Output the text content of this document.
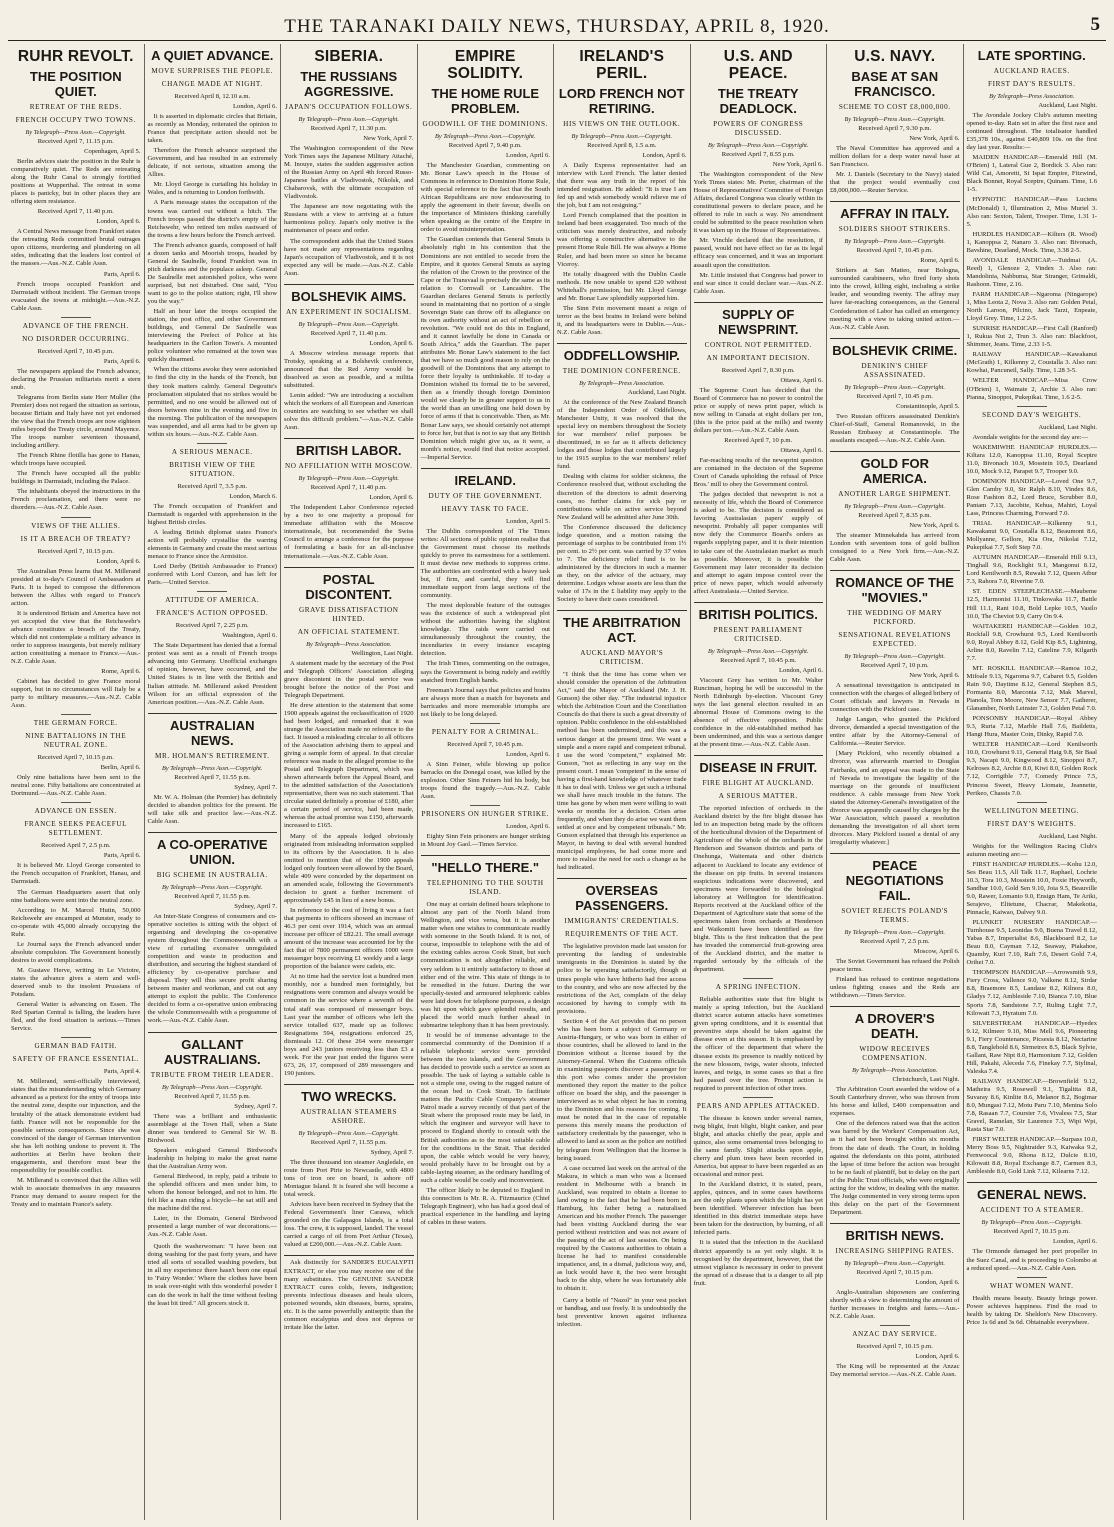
THE TARANAKI DAILY NEWS, THURSDAY, APRIL 8, 1920.	5
RUHR REVOLT.
THE POSITION QUIET.
RETREAT OF THE REDS.
FRENCH OCCUPY TWO TOWNS.
By Telegraph—Press Assn.—Copyright.
Received April 7, 11.15 p.m.
Copenhagen, April 5.
Berlin advices state the position in the Ruhr is comparatively quiet. The Reds are retreating along the Ruhr Canal to strongly fortified positions at Wupperthal. The retreat in some places is panicky, but in other places they are offering stern resistance.
Received April 7, 11.40 p.m.
London, April 6.
A Central News message from Frankfort states the retreating Reds committed brutal outrages upon citizens, murdering and plundering on all sides, indicating that the leaders lost control of the masses.—Aus.-N.Z. Cable Assn.
Paris, April 6.
French troops occupied Frankfort and Darmstadt without incident. The German troops evacuated the towns at midnight.—Aus.-N.Z. Cable Assn.
ADVANCE OF THE FRENCH.
NO DISORDER OCCURRING.
Received April 7, 10.45 p.m.
Paris, April 6.
The newspapers applaud the French advance, declaring the Prussian militarists merit a stern snub.
Telegrams from Berlin state Herr Muller (the Premier) does not regard the situation as serious, because Britain and Italy have not yet endorsed the view that the French troops are now eighteen miles beyond the Treaty circle, around Mayence. The troops number seventeen thousand, including artillery.
The French Rhine flotilla has gone to Hanau, which troops have occupied.
The French have occupied all the public buildings in Darmstadt, including the Palace.
The inhabitants obeyed the instructions in the French proclamation, and there were no disorders.—Aus.-N.Z. Cable Assn.
VIEWS OF THE ALLIES.
IS IT A BREACH OF TREATY?
Received April 7, 10.15 p.m.
London, April 6.
The Australian Press learns that M. Millerand presided at to-day's Council of Ambassadors at Paris. It is hoped to compose the differences between the Allies with regard to France's action.
It is understood Britain and America have not yet accepted the view that the Reichswehr's advance constitutes a breach of the Treaty, which did not contemplate a military advance in order to suppress insurgents, but merely military action constituting a menace to France.—Aus.-N.Z. Cable Assn.
Rome, April 6.
Cabinet has decided to give France moral support, but in no circumstances will Italy be a party to military measures.—Aus.-N.Z. Cable Assn.
THE GERMAN FORCE.
NINE BATTALIONS IN THE NEUTRAL ZONE.
Received April 7, 10.15 p.m.
Berlin, April 6.
Only nine battalions have been sent to the neutral zone. Fifty battalions are concentrated at Dortmund.—Aus.-N.Z. Cable Assn.
ADVANCE ON ESSEN.
FRANCE SEEKS PEACEFUL SETTLEMENT.
Received April 7, 2.5 p.m.
Paris, April 6.
It is believed Mr. Lloyd George consented to the French occupation of Frankfort, Hanau, and Darmstadt.
The German Headquarters assert that only nine battalions were sent into the neutral zone.
According to M. Marcel Hutin, 50,000 Reichswehr are encamped at Munster, ready to co-operate with 45,000 already occupying the Ruhr.
Le Journal says the French advanced under absolute compulsion. The Government honestly desires to avoid complications.
M. Gustave Herve, writing in Le Victoire, states the advance gives a stern and well-deserved snub to the insolent Prussians of Potsdam.
General Watter is advancing on Essen. The Red Spartan Central is falling, the leaders have fled, and the food situation is serious.—Times Service.
GERMAN BAD FAITH.
SAFETY OF FRANCE ESSENTIAL.
Paris, April 4.
M. Millerand, semi-officially interviewed, states that the misunderstanding which Germany advanced as a pretext for the entry of troops into the neutral zone, despite our injunction, and the brutality of the attack demonstrate evident bad faith. France will not be responsible for the possible serious consequences. Since she was convinced of the danger of German intervention she has left nothing undone to prevent it. The authorities at Berlin have broken their engagements, and therefore must bear the responsibility for possible conflict.
M. Millerand is convinced that the Allies will wish to associate themselves in any measures France may demand to assure respect for the Treaty and to maintain France's safety.
A QUIET ADVANCE.
MOVE SURPRISES THE PEOPLE.
CHANGE MADE AT NIGHT.
Received April 8, 12.10 a.m.
London, April 6.
It is asserted in diplomatic circles that Britain, as recently as Monday, reiterated the opinion to France that precipitate action should not be taken.
Therefore the French advance surprised the Government, and has resulted in an extremely delicate, if not serious, situation among the Allies.
Mr. Lloyd George is curtailing his holiday in Wales, and is returning to London forthwith.
A Paris message states the occupation of the towns was carried out without a hitch. The French troops passed the district's empty of the Reichswehr, who retired ten miles eastward of the towns a few hours before the French arrived.
The French advance guards, composed of half a dozen tanks and Moorish troops, headed by General de Saulnelle, found Frankfort was in pitch darkness and the populace asleep. General De Saulnelle met astonished police, who were surprised, but not disturbed. One said, "You want to go to the police station; right, I'll show you the way."
Half an hour later the troops occupied the station, the post office, and other Government buildings, and General De Saulnelle was interviewing the Prefect of Police at his headquarters in the Carlton Town's. A mounted police volunteer who remained at the town was quickly disarmed.
When the citizens awoke they were astonished to find the city in the hands of the French, but they took matters calmly. General Degoutte's proclamation stipulated that no strikes would be permitted, and no one would be allowed out of doors between nine in the evening and five in the morning. The publication of the newspapers was suspended, and all arms had to be given up within six hours.—Aus.-N.Z. Cable Assn.
A SERIOUS MENACE.
BRITISH VIEW OF THE SITUATION.
Received April 7, 3.5 p.m.
London, March 6.
The French occupation of Frankfort and Darmstadt is regarded with apprehension in the highest British circles.
A leading British diplomat states France's action will probably crystallise the warring elements in Germany and create the most serious menace to France since the Armistice.
Lord Derby (British Ambassador to France) conferred with Lord Curzon, and has left for Paris.—United Service.
ATTITUDE OF AMERICA.
FRANCE'S ACTION OPPOSED.
Received April 7, 2.25 p.m.
Washington, April 6.
The State Department has denied that a formal protest was sent as a result of French troops advancing into Germany. Unofficial exchanges of opinion, however, have occurred, and the United States is in line with the British and Italian attitude. M. Millerand asked President Wilson for an official expression of the American position.—Aus.-N.Z. Cable Assn.
AUSTRALIAN NEWS.
MR. HOLMAN'S RETIREMENT.
By Telegraph—Press Assn.—Copyright.
Received April 7, 11.55 p.m.
Sydney, April 7.
Mr. W. A. Holman (the Premier) has definitely decided to abandon politics for the present. He will take silk and practice law.—Aus.-N.Z. Cable Assn.
A CO-OPERATIVE UNION.
BIG SCHEME IN AUSTRALIA.
By Telegraph—Press Assn.—Copyright.
Received April 7, 11.55 p.m.
Sydney, April 7.
An Inter-State Congress of consumers and co-operative societies is sitting with the object of organising and developing the co-operative system throughout the Commonwealth with a view of curtailing excessive unregulated competition and waste in production and distribution, and securing the highest standard of efficiency by co-operative purchase and disposal. They will thus secure profit sharing between master and workman, and cut out any attempt to exploit the public. The Conference decided to form a co-operative union embracing the whole Commonwealth with a programme of work.—Aus.-N.Z. Cable Assn.
GALLANT AUSTRALIANS.
TRIBUTE FROM THEIR LEADER.
By Telegraph—Press Assn.—Copyright.
Received April 7, 11.55 p.m.
Sydney, April 7.
There was a brilliant and enthusiastic assemblage at the Town Hall, when a State dinner was tendered to General Sir W. B. Birdwood.
Speakers eulogised General Birdwood's leadership in helping to make the great name that the Australian Army won.
General Birdwood, in reply, paid a tribute to the splendid officers and men under him, to whom the honour belonged, and not to him. He felt like a man riding a bicycle—he sat still and the machine did the rest.
Later, in the Domain, General Birdwood presented a large number of war decorations.—Aus.-N.Z. Cable Assn.
Quoth the washerwoman: "I have been out doing washing for the past forty years, and have tried all sorts of socalled washing powders, but in all my experience there hasn't been one equal to 'Fairy Wonder.' Where the clothes have been in soak over-night with this wonderful powder I can do the work in half the time without feeling the least bit tired." All grocers stock it.
SIBERIA.
THE RUSSIANS AGGRESSIVE.
JAPAN'S OCCUPATION FOLLOWS.
By Telegraph—Press Assn.—Copyright.
Received April 7, 11.30 p.m.
New York, April 7.
The Washington correspondent of the New York Times says the Japanese Military Attaché, M. Inouye, states the sudden aggressive action of the Russian Army on April 4th forced Russo-Japanese battles at Vladivostok, Nikolsk, and Chabarovsk, with the ultimate occupation of Vladivostok.
The Japanese are now negotiating with the Russians with a view to arriving at a future harmonious policy. Japan's only motive is the maintenance of peace and order.
The correspondent adds that the United States have not made any representations regarding Japan's occupation of Vladivostok, and it is not expected any will be made.—Aus.-N.Z. Cable Assn.
BOLSHEVIK AIMS.
AN EXPERIMENT IN SOCIALISM.
By Telegraph—Press Assn.—Copyright.
Received April 7, 11.40 p.m.
London, April 6.
A Moscow wireless message reports that Trotsky, speaking at a Bolshevik conference, announced that the Red Army would be dissolved as soon as possible, and a militia substituted.
Lenin added: "We are introducing a socialism which the workers of all European and American countries are watching to see whether we shall solve this difficult problem."—Aus.-N.Z. Cable Assn.
BRITISH LABOR.
NO AFFILIATION WITH MOSCOW.
By Telegraph—Press Assn.—Copyright.
Received April 7, 11.40 p.m.
London, April 6.
The Independent Labor Conference rejected by a two to one majority a proposal for immediate affiliation with the Moscow internationale, but recommended the Swiss Council to arrange a conference for the purpose of formulating a basis for an all-inclusive internationale.—Aus.-N.Z. Cable Assn.
POSTAL DISCONTENT.
GRAVE DISSATISFACTION HINTED.
AN OFFICIAL STATEMENT.
By Telegraph—Press Association.
Wellington, Last Night.
A statement made by the secretary of the Post and Telegraph Officers' Association alleging grave discontent in the postal service was brought before the notice of the Post and Telegraph Department.
He drew attention to the statement that some 1900 appeals against the reclassification of 1920 had been lodged, and remarked that it was strange the Association made no reference to the fact. It issued a misleading circular to all officers of the Association advising them to appeal and giving a sample form of appeal. In that circular reference was made to the alleged promise to the Postal and Telegraph Department, which was shown afterwards before the Appeal Board, and to the admitted satisfaction of the Association's representative, there was no such statement. That circular stated definitely a promise of £180, after a certain period of service, had been made, whereas the actual promise was £150, afterwards increased to £165.
Many of the appeals lodged obviously originated from misleading information supplied to its officers by the Association. It is also omitted to mention that of the 1900 appeals lodged only fourteen were allowed by the Board, while 409 were conceded by the department on an amended scale, following the Government's decision to grant a further increment of approximately £45 in lieu of a new bonus.
In reference to the cost of living it was a fact that payments to officers showed an increase of 46.3 per cent over 1914, which was an annual increase per officer of £82.21. The small average amount of the increase was accounted for by the fact that of 7800 permanent officers 1000 were messenger boys receiving £1 weekly and a large proportion of the balance were cadets, etc.
At no time had the service lost a hundred men monthly, nor a hundred men fortnightly, but resignations were common and always would be common in the service where a seventh of the total staff was composed of messenger boys. Last year the number of officers who left the service totalled 637, made up as follows: Resignations 594, resignations enforced 25, dismissals 12. Of these 264 were messenger boys and 243 juniors receiving less than £3 a week. For the year just ended the figures were 673, 26, 17, composed of 289 messengers and 190 juniors.
TWO WRECKS.
AUSTRALIAN STEAMERS ASHORE.
By Telegraph—Press Assn.—Copyright.
Received April 7, 11.55 p.m.
Sydney, April 7.
The three thousand ton steamer Angledale, en route from Port Pirie to Newcastle, with 4800 tons of iron ore on board, is ashore off Montague Island. It is feared she will become a total wreck.
Advices have been received in Sydney that the Federal Government's liner Carawa, which grounded on the Galapagos Islands, is a total loss. The crew, it is supposed, landed. The vessel carried a cargo of oil from Port Arthur (Texas), valued at £200,000.—Aus.-N.Z. Cable Assn.
Ask distinctly for SANDER'S EUCALYPTI EXTRACT, or else you may receive one of the many substitutes. The GENUINE SANDER EXTRACT cures colds, fevers, indigestion; prevents infectious diseases and heals ulcers, poisoned wounds, skin diseases, burns, sprains, etc. It is the same powerfully antiseptic than the common eucalyptus and does not depress or irritate like the latter.
EMPIRE SOLIDITY.
THE HOME RULE PROBLEM.
GOODWILL OF THE DOMINIONS.
By Telegraph—Press Assn.—Copyright.
Received April 7, 9.40 p.m.
London, April 6.
The Manchester Guardian, commenting on Mr. Bonar Law's speech in the House of Commons in reference to Dominion Home Rule, with special reference to the fact that the South African Republicans are now endeavouring to apply the agreement in their favour, dwells on the importance of Ministers thinking carefully when speaking as the centre of the Empire in order to avoid misinterpretation.
The Guardian contends that General Smuts is absolutely right in his contention that the Dominions are not entitled to secede from the Empire, and it quotes General Smuts as saying the relation of the Crown to the province of the Cape or the Transvaal is precisely the same as its relation to Cornwall or Lancashire. The Guardian declares General Smuts is perfectly sound in maintaining that no portion of a single Sovereign State can throw off its allegiance on its own authority without an act of rebellion or revolution. "We could not do this in England, and it cannot lawfully be done in Canada or South Africa," adds the Guardian. The paper attributes Mr. Bonar Law's statement to the fact that we have so much good reason to rely on the goodwill of the Dominions that any attempt to force their loyalty is unthinkable. If to-day a Dominion wished its formal tie to be severed, then as a friendly though foreign Dominion would we clearly be in greater support to us in the world than an unwilling one held down by force of arms if that is conceivable. Then, as Mr. Bonar Law says, we should certainly not attempt to force her, but that is not to say that any British Dominion which might give us, as it were, a month's notice, would find that notice accepted.—Imperial Service.
IRELAND.
DUTY OF THE GOVERNMENT.
HEAVY TASK TO FACE.
London, April 5.
The Dublin correspondent of The Times writes: All sections of public opinion realise that the Government must choose its methods quickly to prove its earnestness for a settlement. It must devise new methods to suppress crime. The authorities are confronted with a heavy task but, if firm, and careful, they will find immediate support from large sections of the community.
The most deplorable feature of the outrages was the existence of such a widespread plot without the authorities having the slightest knowledge. The raids were carried out simultaneously throughout the country, the incendiaries in every instance escaping detection.
The Irish Times, commenting on the outrages, says the Government is being rudely and swiftly snatched from English hands.
Freeman's Journal says that policies and brains are always more than a match for bayonets and barricades and more memorable triumphs are not likely to be long delayed.
PENALTY FOR A CRIMINAL.
Received April 7, 10.45 p.m.
London, April 6.
A Sinn Feiner, while blowing up police barracks on the Donegal coast, was killed by the explosion. Other Sinn Feiners hid his body, but troops found the tragedy.—Aus.-N.Z. Cable Assn.
PRISONERS ON HUNGER STRIKE.
London, April 6.
Eighty Sinn Fein prisoners are hunger striking in Mount Joy Gaol.—Times Service.
"HELLO THERE."
TELEPHONING TO THE SOUTH ISLAND.
One may at certain defined hours telephone to almost any part of the North Island from Wellington, and vice versa, but it is another matter when one wishes to communicate readily with someone in the South Island. It is not, of course, impossible to telephone with the aid of the existing cables across Cook Strait, but such communication is not altogether reliable, and very seldom is it entirely satisfactory to those at either end of the wire. This state of things is to be remedied in the future. During the war specially-tested and armoured telephonic cables were laid down for telephone purposes, a design was hit upon which gave splendid results, and placed the world much further ahead in submarine telephony than it has been previously.
It would be of immense advantage to the commercial community of the Dominion if a reliable telephonic service were provided between the two islands, and the Government has decided to provide such a service as soon as possible. The task of laying a suitable cable is not a simple one, owing to the rugged nature of the ocean bed in Cook Strait. To facilitate matters the Pacific Cable Company's steamer Patrol made a survey recently of that part of the Strait where the proposed route may be laid, in which the engineer and surveyor will have to proceed to England shortly to consult with the British authorities as to the most suitable cable for the conditions in the Strait. That decided upon, the cable which would be very heavy, would probably have to be brought out by a cable-laying steamer, as the ordinary handling of such a cable would be costly and inconvenient.
The officer likely to be deputed to England in this connection is Mr. R. A. Fitzmaurice (Chief Telegraph Engineer), who has had a good deal of practical experience in the handling and laying of cables in these waters.
IRELAND'S PERIL.
LORD FRENCH NOT RETIRING.
HIS VIEWS ON THE OUTLOOK.
By Telegraph—Press Assn.—Copyright.
Received April 8, 1.5 a.m.
London, April 6.
A Daily Express representative had an interview with Lord French. The latter denied that there was any truth in the report of his intended resignation. He added: "It is true I am fed up and wish somebody would relieve me of the job, but I am not resigning."
Lord French complained that the position in Ireland had been exaggerated. Too much of the criticism was merely destructive, and nobody was offering a constructive alternative to the present Home Rule Bill. He was always a Home Ruler, and had been more so since he became Viceroy.
He totally disagreed with the Dublin Castle methods. He now unable to spend £20 without Whitehall's permission, but Mr. Lloyd George and Mr. Bonar Law splendidly supported him.
The Sinn Fein movement meant a reign of terror as the best brains in Ireland were behind it, and its headquarters were in Dublin.—Aus.-N.Z. Cable Assn.
ODDFELLOWSHIP.
THE DOMINION CONFERENCE.
By Telegraph—Press Association.
Auckland, Last Night.
At the conference of the New Zealand Branch of the Independent Order of Oddfellows, Manchester Unity, it was resolved that the special levy on members throughout the Society for war members' relief purposes be discontinued, in so far as it affects deficiency lodges and those lodges that contributed largely to the 1915 surplus to the war members' relief fund.
Dealing with claims for soldier sickness, the Conference resolved that, without excluding the discretion of the directors to admit deserving cases, no further claims for sick pay or contributions while on active service beyond New Zealand will be admitted after June 30th.
The Conference discussed the deficiency lodge question, and a motion raising the percentage of surplus to be contributed from 1½ per cent. to 2½ per cent. was carried by 37 votes to 7. The deficiency relief fund is to be administered by the directors in such a manner as they, on the advice of the actuary, may determine. Lodges whose assets are less than the value of 17s in the £ liability may apply to the Society to have their cases considered.
THE ARBITRATION ACT.
AUCKLAND MAYOR'S CRITICISM.
"I think that the time has come when we should consider the operation of the Arbitration Act," said the Mayor of Auckland (Mr. J. H. Gunson) the other day. "The industrial injustice which the Arbitration Court and the Conciliation Councils do that there is such a great diversity of opinion. Public confidence in the old-established method has been undermined, and this was a serious danger at the present time. We want a simple and a more rapid and competent tribunal. I use the word 'competent,'" explained Mr. Gunson, "not as reflecting in any way on the present court. I mean 'competent' in the sense of having a first-hand knowledge of whatever trade it has to deal with. Unless we get such a tribunal we shall have much trouble in the future. The time has gone by when men were willing to wait weeks or months for a decision. Crises arise frequently, and when they do arise we want them settled at once and by competent tribunals." Mr. Gunson explained that through his experience as Mayor, in having to deal with several hundred municipal employees, he had come more and more to realise the need for such a change as he had indicated.
OVERSEAS PASSENGERS.
IMMIGRANTS' CREDENTIALS.
REQUIREMENTS OF THE ACT.
The legislative provision made last session for preventing the landing of undesirable immigrants in the Dominion is stated by the police to be operating satisfactorily, though at times people who have hitherto had free access to the country, and who are now affected by the restrictions of the Act, complain of the delay occasioned by having to comply with its provisions.
Section 4 of the Act provides that no person who has been born a subject of Germany or Austria-Hungary, or who was born in either of those countries, shall be allowed to land in the Dominion without a license issued by the Attorney-General. When the Customs officials in examining passports discover a passenger for this port who comes under the provision mentioned they report the matter to the police officer on board the ship, and the passenger is interviewed as to what object he has in coming to the Dominion and his reasons for coming. It must be noted that in the case of reputable persons this merely means the production of satisfactory credentials by the passenger, who is allowed to land as soon as the police are notified by telegram from Wellington that the license is being issued.
A case occurred last week on the arrival of the Makura, in which a man who was a licensed resident in Melbourne with a branch in Auckland, was required to obtain a license to land owing to the fact that he had been born in Hamburg, his father being a naturalised American and his mother French. The passenger had been visiting Auckland during the war period without restriction and was not aware of the passing of the act of last session. On being required by the Customs authorities to obtain a license he had to manifest considerable impatience, and, in a dismal, judicious way, and, as luck would have it, the two were brought back to the ship, where he was fortunately able to obtain it.
Carry a bottle of "Nazol" in your vest pocket or handbag, and use freely. It is undoubtedly the best preventive known against influenza infection.
U.S. AND PEACE.
THE TREATY DEADLOCK.
POWERS OF CONGRESS DISCUSSED.
By Telegraph—Press Assn.—Copyright.
Received April 7, 8.55 p.m.
New York, April 6.
The Washington correspondent of the New York Times states: Mr. Porter, chairman of the House of Representatives' Committee of Foreign Affairs, declared Congress was clearly within its constitutional powers to declare peace, and he offered to rule in such a way. No amendment could be submitted to the peace resolution when it was taken up in the House of Representatives.
Mr. Vinchle declared that the resolution, if passed, would not have effect so far as its legal efficacy was concerned, and it was an important assault upon the constitution.
Mr. Little insisted that Congress had power to end war since it could declare war.—Aus.-N.Z. Cable Assn.
SUPPLY OF NEWSPRINT.
CONTROL NOT PERMITTED.
AN IMPORTANT DECISION.
Received April 7, 8.30 p.m.
Ottawa, April 6.
The Supreme Court has decided that the Board of Commerce has no power to control the price or supply of news print paper, which is now selling in Canada at eight dollars per ton, (this is the price paid at the mills) and twenty dollars per ton.—Aus.-N.Z. Cable Assn.
Received April 7, 10 p.m.
Ottawa, April 6.
Far-reaching results of the newsprint question are contained in the decision of the Supreme Court of Canada upholding the refusal of Price Bros.' mill to obey the Government control.
The judges decided that newsprint is not a necessity of life, which the Board of Commerce is asked to be. The decision is considered as favoring Australasian papers' supply of newsprint. Probably all paper companies will now defy the Commerce Board's orders as regards supplying paper, and it is their intention to take care of the Australasian market as much as possible. Moreover, it is possible the Government may later reconsider its decision and attempt to again impose control over the price of news paper, which would adversely affect Australasia.—United Service.
BRITISH POLITICS.
PRESENT PARLIAMENT CRITICISED.
By Telegraph—Press Assn.—Copyright.
Received April 7, 10.45 p.m.
London, April 6.
Viscount Grey has written to Mr. Walter Runciman, hoping he will be successful in the North Edinburgh by-election. Viscount Grey says the last general election resulted in an abnormal House of Commons owing to the absence of effective opposition. Public confidence in the old-established method has been undermined, and this was a serious danger at the present time.—Aus.-N.Z. Cable Assn.
DISEASE IN FRUIT.
FIRE BLIGHT AT AUCKLAND.
A SERIOUS MATTER.
The reported infection of orchards in the Auckland district by the fire blight disease has led to an inspection being made by the officers of the horticultural division of the Department of Agriculture of the whole of the orchards in the Henderson and Swanson districts and parts of Onehunga, Waitemata and other districts adjacent to Auckland to locate any evidence of the disease on pip fruits. In several instances suspicious indications were discovered, and specimens were forwarded to the biological laboratory at Wellington for identification. Reports received at the Auckland office of the Department of Agriculture state that some of the specimens taken from orchards at Henderson and Waikomiti have been identified as fire blight. This is the first indication that the pest has invaded the commercial fruit-growing area of the Auckland district, and the matter is regarded seriously by the officials of the department.
A SPRING INFECTION.
Reliable authorities state that fire blight is mainly a spring infection, but the Auckland district scarce autumn attacks have sometimes given spring conditions, and it is essential that preventive steps should be taken against the disease even at this season. It is emphasised by the officer of the department that where the disease exists its presence is readily noticed by the new blossom, twigs, water shoots, infected leaves, and twigs, in some cases so that a fire had passed over the tree. Prompt action is required to prevent infection of other trees.
PEARS AND APPLES ATTACKED.
The disease is known under several names, twig blight, fruit blight, blight canker, and pear blight, and attacks chiefly the pear, apple and quince, also some ornamental trees belonging to the same family. Slight attacks upon apple, cherry and plum trees have been recorded in America, but appear to have been regarded as an occasional and minor pest.
In the Auckland district, it is stated, pears, apples, quinces, and in some cases hawthorns are the only plants upon which the blight has yet been identified. Wherever infection has been identified in this district immediate steps have been taken for the destruction, by burning, of all infected parts.
It is stated that the infection in the Auckland district apparently is as yet only slight. It is recognised by the department, however, that the utmost vigilance is necessary in order to prevent the spread of a disease that is a danger to all pip fruit.
U.S. NAVY.
BASE AT SAN FRANCISCO.
SCHEME TO COST £8,000,000.
By Telegraph—Press Assn.—Copyright.
Received April 7, 9.30 p.m.
New York, April 6.
The Naval Committee has approved and a million dollars for a deep water naval base at San Francisco.
Mr. J. Daniels (Secretary to the Navy) stated that the project would eventually cost £8,000,000.—Reuter Service.
AFFRAY IN ITALY.
SOLDIERS SHOOT STRIKERS.
By Telegraph—Press Assn.—Copyright.
Received April 7, 10.45 p.m.
Rome, April 6.
Strikers at San Matteo, near Bologna, surrounded carabineers, who fired forty shots into the crowd, killing eight, including a strike leader, and wounding twenty. The affray may have far-reaching consequences, as the General Confederation of Labor has called an emergency meeting with a view to taking united action.—Aus.-N.Z. Cable Assn.
BOLSHEVIK CRIME.
DENIKIN'S CHIEF ASSASSINATED.
By Telegraph—Press Assn.—Copyright.
Received April 7, 10.45 p.m.
Constantinople, April 5.
Two Russian officers assassinated Denikin's Chief-of-Staff, General Romanovski, in the Russian Embassy at Constantinople. The assailants escaped.—Aus.-N.Z. Cable Assn.
GOLD FOR AMERICA.
ANOTHER LARGE SHIPMENT.
By Telegraph—Press Assn.—Copyright.
Received April 7, 8.35 p.m.
New York, April 6.
The steamer Minnekahda has arrived from London with seventeen tons of gold bullion consigned to a New York firm.—Aus.-N.Z. Cable Assn.
ROMANCE OF THE "MOVIES."
THE WEDDING OF MARY PICKFORD.
SENSATIONAL REVELATIONS EXPECTED.
By Telegraph—Press Assn.—Copyright.
Received April 7, 10 p.m.
New York, April 6.
A sensational investigation is anticipated in connection with the charges of alleged bribery of Court officials and lawyers in Nevada in connection with the Pickford case.
Judge Langan, who granted the Pickford divorce, demanded a special investigation of the entire affair by the Attorney-General of California.—Reuter Service.
[Mary Pickford, who recently obtained a divorce, was afterwards married to Douglas Fairbanks, and an appeal was made to the State of Nevada to investigate the legality of the marriage on the grounds of insufficient residence. A cable message from New York stated the Attorney-General's investigation of the divorce was apparently caused by charges by the War Association, which passed a resolution demanding the investigation of all short term divorces. Mary Pickford issued a denial of any irregularity whatever.]
PEACE NEGOTIATIONS FAIL.
SOVIET REJECTS POLAND'S TERMS.
By Telegraph—Press Assn.—Copyright.
Received April 7, 2.5 p.m.
Moscow, April 6.
The Soviet Government has refused the Polish peace terms.
Finland has refused to continue negotiations unless fighting ceases and the Reds are withdrawn.—Times Service.
A DROVER'S DEATH.
WIDOW RECEIVES COMPENSATION.
By Telegraph—Press Association.
Christchurch, Last Night.
The Arbitration Court awarded the widow of a South Canterbury drover, who was thrown from his horse and killed, £400 compensation and expenses.
One of the defences raised was that the action was barred by the Workers' Compensation Act, as it had not been brought within six months from the date of death. The Court, in holding against the defendants on this point, attributed the lapse of time before the action was brought to be no fault of plaintiff, but to delay on the part of the Public Trust officials, who were originally acting for the widow, in dealing with the matter. The Judge commented in very strong terms upon this delay on the part of the Government Department.
BRITISH NEWS.
INCREASING SHIPPING RATES.
By Telegraph—Press Assn.—Copyright.
Received April 7, 10.15 p.m.
London, April 6.
Anglo-Australian shipowners are conferring shortly with a view to determining the amount of further increases in freights and fares.—Aus.-N.Z. Cable Assn.
ANZAC DAY SERVICE.
Received April 7, 10.15 p.m.
London, April 6.
The King will be represented at the Anzac Day memorial service.—Aus.-N.Z. Cable Assn.
LATE SPORTING.
AUCKLAND RACES.
FIRST DAY'S RESULTS.
By Telegraph—Press Association.
Auckland, Last Night.
The Avondale Jockey Club's autumn meeting opened to-day. Rain set in after the first race and continued throughout. The totalisator handled £35,378 10s., against £40,809 10s. on the first day last year. Results:—
MAIDEN HANDICAP.—Emerald Hill (M. O'Brien) 1, Lateral Gue 2, Bordick 3. Also ran: Wild Cat, Amoretti, St Ispat Empire, Fitzwind, Black Bonnet, Royal Sceptre, Quinam. Time, 1.6 1-5.
HYPNOTIC HANDICAP.—Pass Luciens (McDonald) 1, Illumination 2, Miss Muriel 3. Also ran: Sexton, Talent, Trooper. Time, 1.31 1-5.
HURDLES HANDICAP.—Kilters (R. Wood) 1, Kanoppsa 2, Nanaro 3. Also ran: Bivonach, Bavshine, Dearland, Mock. Time, 3.38 2-5.
AVONDALE HANDICAP.—Tuidmai (A. Reed) 1, Glenoze 2, Vindex 3. Also ran: Mandolinia, Nabbuma, Star Stranger, Grimaldi, Rashoon. Time, 2.16.
FARM HANDICAP.—Ngaroma (Ningarope) 1, Miss Leota 2, Nova 3. Also ran: Golden Petal, North Laroon, Pilcino, Jack Tarzi, Enpeate, Lloyd Grey. Time, 1.2 2-5.
SUNRISE HANDICAP.—First Call (Ranford) 1, Rukua Nut 2, Trun 3. Also ran: Blackfoot, Shimmer, Jeans. Time, 2.33 1-5.
RAILWAY HANDICAP.—Kawakanui (McGrath) 1, Kilkenny 2, Coustalla 3. Also ran: Kowhai, Pancuneil, Sally. Time, 1.28 3-5.
WELTER HANDICAP.—Misa Crow (O'Brien) 1, Waimate 2, Archie 3. Also ran: Pianna, Sinoppoi, Pukepikai. Time, 1.6 2-5.
SECOND DAY'S WEIGHTS.
Auckland, Last Night.
Avondale weights for the second day are:—
WAKEMIWHE HANDICAP HURDLES.—Kiltara 12.0, Kanoppsa 11.10, Royal Sceptre 11.0, Bivonach 10.9, Mosstein 10.5, Dearland 10.0, Mock 9.12, Parapet 9.7, Trooper 9.0.
DOMINION HANDICAP.—Loved One 9.7, Glen Camby 9.0, Sir Ralph 8.10, Vindex 8.6, Rose Fashion 8.2, Lord Bruce, Scrubber 8.0, Pantam 7.13, Jacobite, Kehua, Mahiri, Loyal Lass, Princess Charming, Forward 7.0.
TRIAL HANDICAP.—Kilkenny 9.1, Kawakanui 9.0, Coustalla 8.12, Beaumont 8.6, Mollyanne, Gellore, Kia Ora, Nikolai 7.12, Pukepikai 7.7, Soft Step 7.0.
AUTUMN HANDICAP.—Emerald Hill 9.13, Tinghall 9.6, Rocklight 9.1, Mangonui 8.12, Lord Kenilworth 8.5, Ruwaki 7.12, Queen Atbur 7.3, Rahora 7.0, Riverine 7.0.
ST. EDEN STEEPLECHASE.—Maubeme 12.5, Harmonist 11.10, Tinkowaka 11.7, Battle Hill 11.1, Rani 10.8, Bold Lepke 10.5, Vasilo 10.0, The Cheviot 9.9, Carry On 9.4.
WAITAKEREI HANDICAP.—Golden 10.2, Rockfall 9.8, Crowhurst 9.5, Lord Kenilworth 9.0, Royal Abbey 8.12, Gold Kip 8.5, Lightning, Arline 8.0, Ravelin 7.12, Cateline 7.9, Kilgarth 7.7.
MT. ROSKILL HANDICAP.—Ramoa 10.2, Mifoale 9.13, Ngaroma 9.7, Cabaret 9.5, Golden Rain 9.0, Daytime 8.12, General Stephen 8.5, Formania 8.0, Marconia 7.12, Mak Marvel, Pianola, Tom Moore, New Sensor 7.7, Gatherer, Glanamber, North Leinster 7.3, Golden Petal 7.0.
PONSONBY HANDICAP.—Royal Abbey 9.3, Ruria 7.12, Marble Hall 7.6, Baildetts, Hangi Hura, Master Coin, Dinky, Rapid 7.0.
WELTER HANDICAP.—Lord Kenilworth 10.0, Crowhurst 9.11, General Haig 9.8, Sir Baal 9.3, Nacapi 9.0, Kingwood 8.12, Sinoppoi 8.7, Kelroses 8.2, Archie 8.0, Kiwi 8.0, Golden Rock 7.12, Corrigible 7.7, Comedy Prince 7.5, Princess Sweet, Heavy Liomate, Jeannette, Perikeo, Chassis 7.0.
WELLINGTON MEETING.
FIRST DAY'S WEIGHTS.
Auckland, Last Night.
Weights for the Wellington Racing Club's autumn meeting are:—
FIRST HANDICAP HURDLES.—Kohu 12.0, Ses Beau 11.5, All Talk 11.7, Raphael, Lochrie 10.3, Tora 10.3, Mosstein 10.0, Foxie Heyworth, Sandbar 10.0, Gold Sen 9.10, Joia 9.5, Beauville 9.0, Rawer, Lomanto 9.0, Ensign Ham, Te Ariki, Serajevo, Elitetune, Chacrar, Makekotia, Pinnacle, Kaiwao, Dalvey 9.0.
PLUNKET NURSERY HANDICAP.—Turnhouse 9.5, Leonidas 9.0, Buena Travel 8.12, Yabas 8.7, Imperialist 8.6, Blackboard 8.2, Le Beau 8.0, Cayman 7.12, Seaway, Piakahoe, Quamby, Kuri 7.10, Raft 7.6, Desert Gold 7.4, Orihei 7.0.
THOMPSON HANDICAP.—Arrowsmith 9.9, Fiery Cross, Vallence 9.0, Valkene 8.12, Sirdar 8.8, Braemore 8.5, Landaue 8.2, Kilnora 8.0, Gladys 7.12, Ambleside 7.10, Bianca 7.10, Blue Sports 7.8, Sandstone 7.7, Ruling Light 7.7, Kilowatt 7.3, Hyratum 7.0.
SILVERSTREAM HANDICAP.—Hyedex 9.12, Kilmeer 9.10, Miss Mell 9.6, Pioneering 9.1, Fiery Countenance, Picsesia 8.12, Nectarine 8.8, Tanglehold 8.6, Sirmetrex 8.5, Black Sylvie, Gallant, Raw Nipt 8.0, Harmonium 7.12, Golden Hill, Pakahi, Aleceda 7.6, Finekay 7.7, Stylinal, Valeska 7.4.
RAILWAY HANDICAP.—Brownfield 9.12, Matheira 9.5, Rosewell 9.1, Tigalitta 8.8, Suvaray 8.6, Kinlite 8.6, Melanor 8.2, Bogimar 8.0, Mungasi 7.12, Motu Paru 7.10, Menina Solo 7.8, Rasaan 7.7, Coursier 7.6, Vivaless 7.5, Star Gravel, Ramelan, Sir Laurence 7.3, Wipi Wpi, Rasta Star 7.0.
FIRST WELTER HANDICAP.—Surpass 10.0, Merry Boss 9.5, Nightraider 9.3, Kaiwaka 9.2, Fernwoocal 9.0, Rhona 8.12, Dulcie 8.10, Kilowatt 8.8, Royal Exchange 8.7, Carmen 8.3, Ambleside 8.0, Gold Link 7.12, Kilearns 7.12.
GENERAL NEWS.
ACCIDENT TO A STEAMER.
By Telegraph—Press Assn.—Copyright.
Received April 7, 10.15 p.m.
London, April 6.
The Ormonde damaged her port propeller in the Suez Canal, and is proceeding to Colombo at a reduced speed.—Aus.-N.Z. Cable Assn.
WHAT WOMEN WANT.
Health means beauty. Beauty brings power. Power achieves happiness. Find the road to health by taking Dr. Sheldon's New Discovery. Price 1s 6d and 3s 6d. Obtainable everywhere.
